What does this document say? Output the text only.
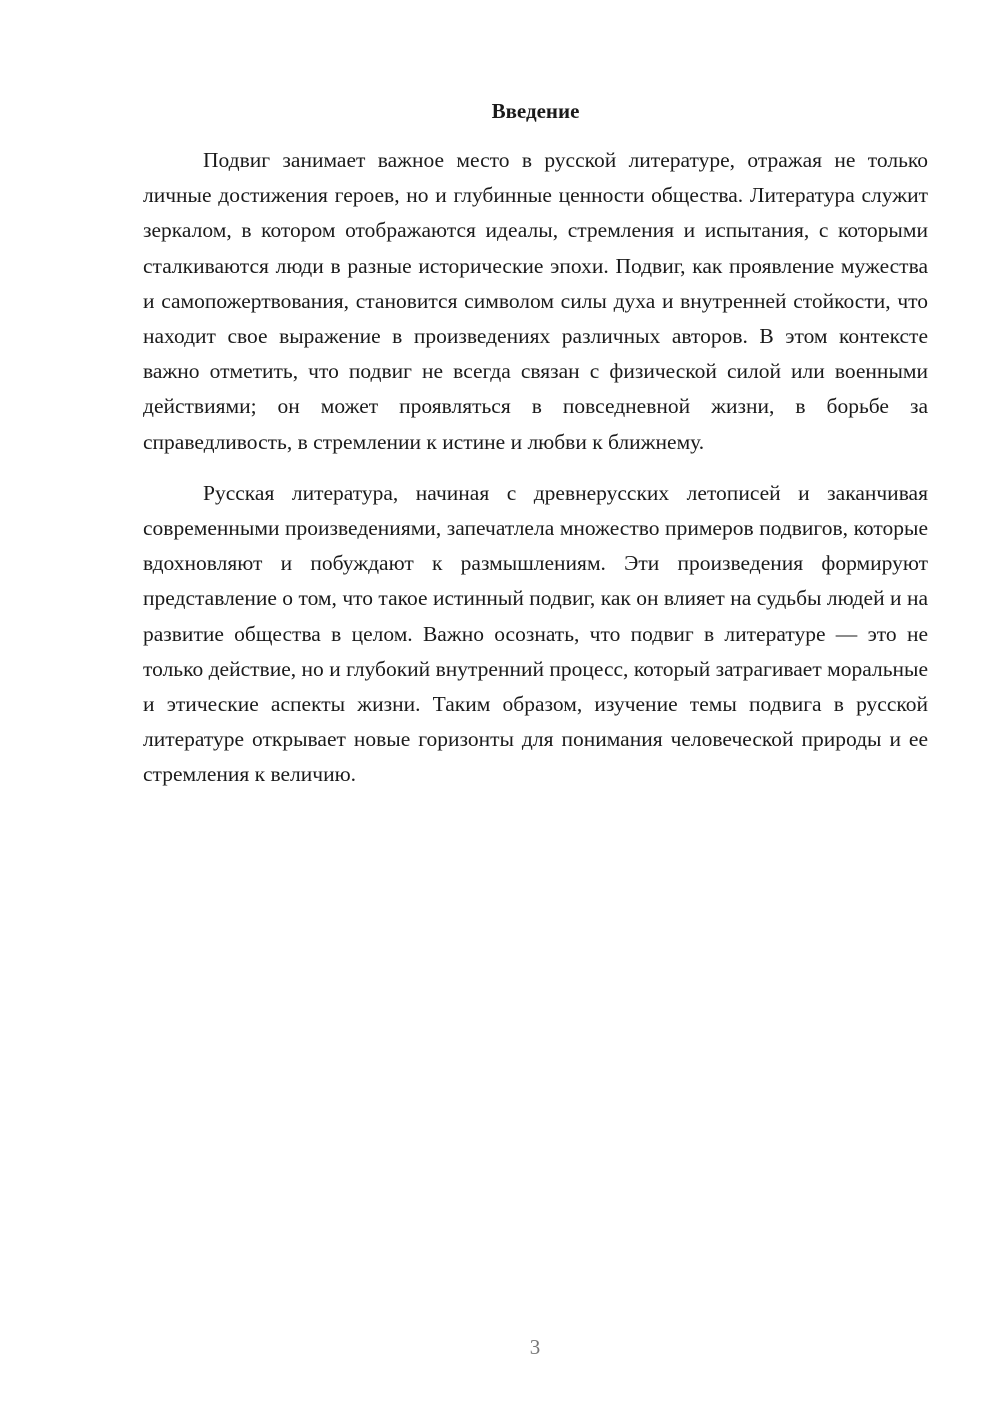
Введение

Подвиг занимает важное место в русской литературе, отражая не только личные достижения героев, но и глубинные ценности общества. Литература служит зеркалом, в котором отображаются идеалы, стремления и испытания, с которыми сталкиваются люди в разные исторические эпохи. Подвиг, как проявление мужества и самопожертвования, становится символом силы духа и внутренней стойкости, что находит свое выражение в произведениях различных авторов. В этом контексте важно отметить, что подвиг не всегда связан с физической силой или военными действиями; он может проявляться в повседневной жизни, в борьбе за справедливость, в стремлении к истине и любви к ближнему.

Русская литература, начиная с древнерусских летописей и заканчивая современными произведениями, запечатлела множество примеров подвигов, которые вдохновляют и побуждают к размышлениям. Эти произведения формируют представление о том, что такое истинный подвиг, как он влияет на судьбы людей и на развитие общества в целом. Важно осознать, что подвиг в литературе — это не только действие, но и глубокий внутренний процесс, который затрагивает моральные и этические аспекты жизни. Таким образом, изучение темы подвига в русской литературе открывает новые горизонты для понимания человеческой природы и ее стремления к величию.

3
